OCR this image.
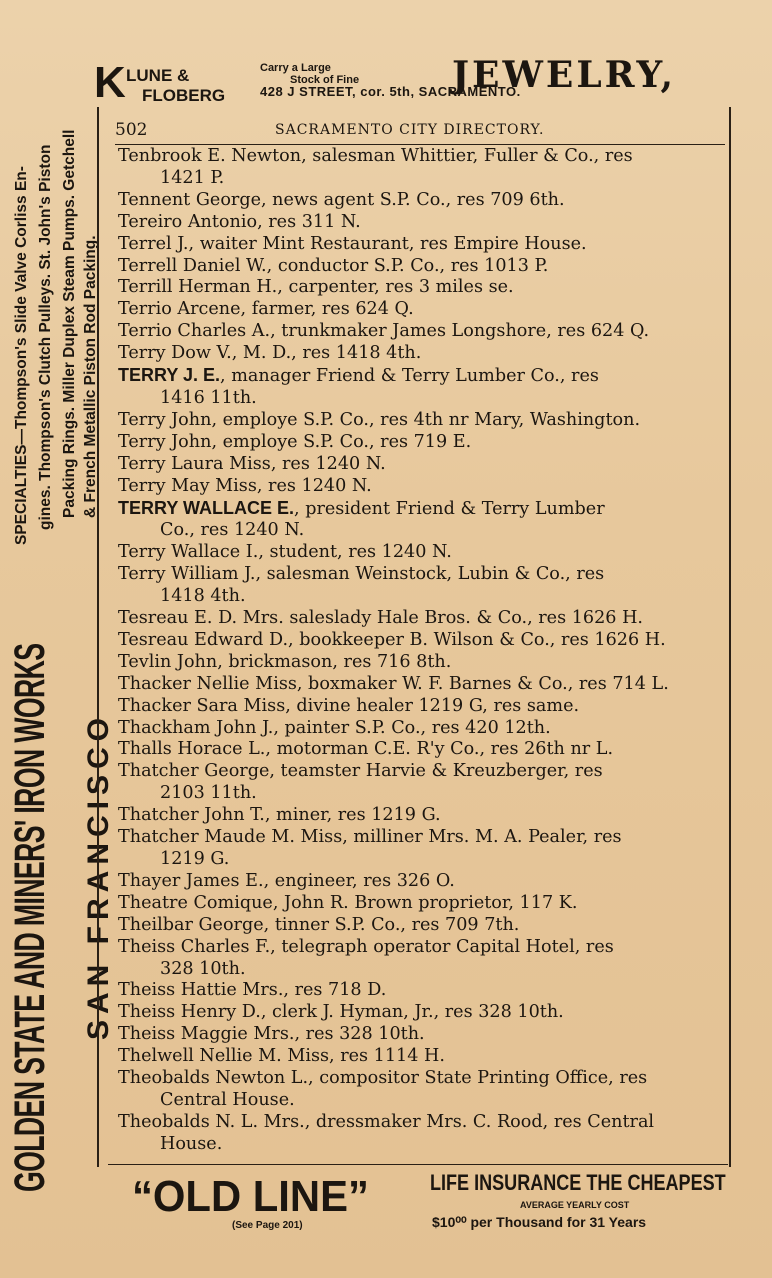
GOLDEN STATE AND MINERS' IRON WORKS SAN FRANCISCO
SPECIALTIES—Thompson's Slide Valve Corliss En- gines. Thompson's Clutch Pulleys. St. John's Piston Packing Rings. Miller Duplex Steam Pumps. Getchell & French Metallic Piston Rod Packing.
K LUNE &
FLOBERG
Carry a Large
Stock of Fine	JEWELRY,
428 J STREET, cor. 5th, SACRAMENTO.
502	SACRAMENTO CITY DIRECTORY.
Tenbrook E. Newton, salesman Whittier, Fuller & Co., res
1421 P.
Tennent George, news agent S.P. Co., res 709 6th.
Tereiro Antonio, res 311 N.
Terrel J., waiter Mint Restaurant, res Empire House.
Terrell Daniel W., conductor S.P. Co., res 1013 P.
Terrill Herman H., carpenter, res 3 miles se.
Terrio Arcene, farmer, res 624 Q.
Terrio Charles A., trunkmaker James Longshore, res 624 Q.
Terry Dow V., M. D., res 1418 4th.
TERRY J. E., manager Friend & Terry Lumber Co., res
1416 11th.
Terry John, employe S.P. Co., res 4th nr Mary, Washington.
Terry John, employe S.P. Co., res 719 E.
Terry Laura Miss, res 1240 N.
Terry May Miss, res 1240 N.
TERRY WALLACE E., president Friend & Terry Lumber
Co., res 1240 N.
Terry Wallace I., student, res 1240 N.
Terry William J., salesman Weinstock, Lubin & Co., res
1418 4th.
Tesreau E. D. Mrs. saleslady Hale Bros. & Co., res 1626 H.
Tesreau Edward D., bookkeeper B. Wilson & Co., res 1626 H.
Tevlin John, brickmason, res 716 8th.
Thacker Nellie Miss, boxmaker W. F. Barnes & Co., res 714 L.
Thacker Sara Miss, divine healer 1219 G, res same.
Thackham John J., painter S.P. Co., res 420 12th.
Thalls Horace L., motorman C.E. R'y Co., res 26th nr L.
Thatcher George, teamster Harvie & Kreuzberger, res
2103 11th.
Thatcher John T., miner, res 1219 G.
Thatcher Maude M. Miss, milliner Mrs. M. A. Pealer, res
1219 G.
Thayer James E., engineer, res 326 O.
Theatre Comique, John R. Brown proprietor, 117 K.
Theilbar George, tinner S.P. Co., res 709 7th.
Theiss Charles F., telegraph operator Capital Hotel, res
328 10th.
Theiss Hattie Mrs., res 718 D.
Theiss Henry D., clerk J. Hyman, Jr., res 328 10th.
Theiss Maggie Mrs., res 328 10th.
Thelwell Nellie M. Miss, res 1114 H.
Theobalds Newton L., compositor State Printing Office, res
Central House.
Theobalds N. L. Mrs., dressmaker Mrs. C. Rood, res Central
House.
“OLD LINE”
(See Page 201)
LIFE INSURANCE THE CHEAPEST
AVERAGE YEARLY COST
$10⁰⁰ per Thousand for 31 Years
